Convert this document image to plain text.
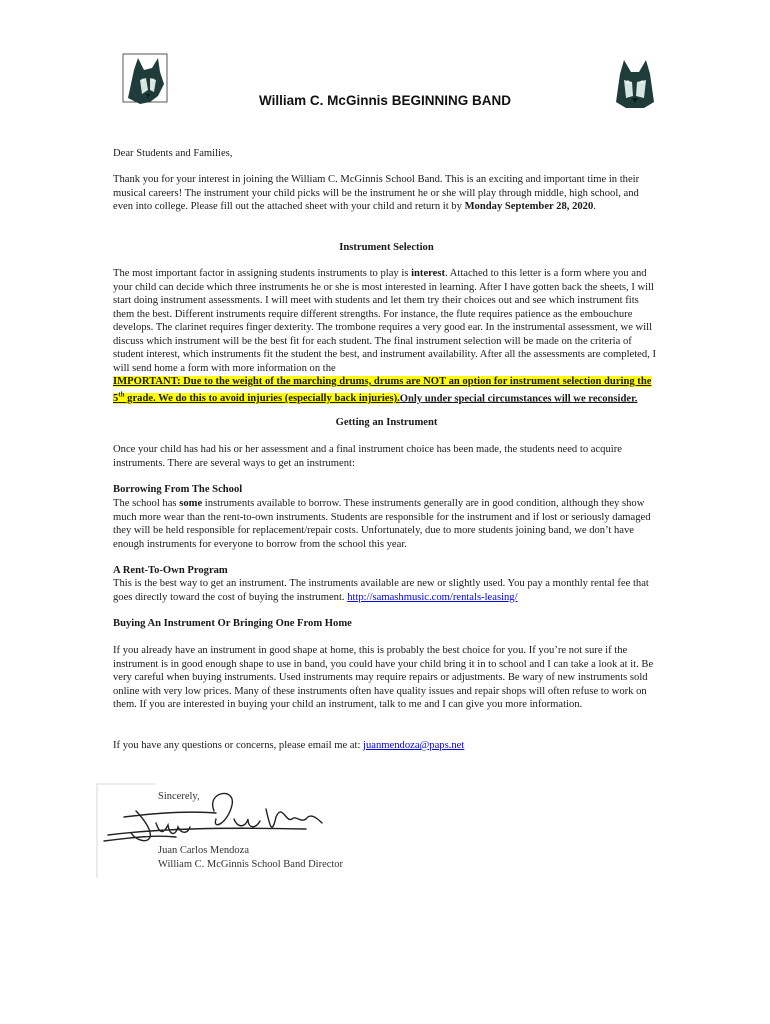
William C. McGinnis BEGINNING BAND
Dear Students and Families,

Thank you for your interest in joining the William C. McGinnis School Band. This is an exciting and important time in their musical careers! The instrument your child picks will be the instrument he or she will play through middle, high school, and even into college. Please fill out the attached sheet with your child and return it by Monday September 28, 2020.

Instrument Selection

The most important factor in assigning students instruments to play is interest. Attached to this letter is a form where you and your child can decide which three instruments he or she is most interested in learning. After I have gotten back the sheets, I will start doing instrument assessments. I will meet with students and let them try their choices out and see which instrument fits them the best. Different instruments require different strengths. For instance, the flute requires patience as the embouchure develops. The clarinet requires finger dexterity. The trombone requires a very good ear. In the instrumental assessment, we will discuss which instrument will be the best fit for each student. The final instrument selection will be made on the criteria of student interest, which instruments fit the student the best, and instrument availability. After all the assessments are completed, I will send home a form with more information on the

IMPORTANT: Due to the weight of the marching drums, drums are NOT an option for instrument selection during the 5th grade. We do this to avoid injuries (especially back injuries).Only under special circumstances will we reconsider.

Getting an Instrument
Once your child has had his or her assessment and a final instrument choice has been made, the students need to acquire instruments. There are several ways to get an instrument:
Borrowing From The School

The school has some instruments available to borrow. These instruments generally are in good condition, although they show much more wear than the rent-to-own instruments. Students are responsible for the instrument and if lost or seriously damaged they will be held responsible for replacement/repair costs. Unfortunately, due to more students joining band, we don’t have enough instruments for everyone to borrow from the school this year.

A Rent-To-Own Program

This is the best way to get an instrument. The instruments available are new or slightly used. You pay a monthly rental fee that goes directly toward the cost of buying the instrument. http://samashmusic.com/rentals-leasing/

Buying An Instrument Or Bringing One From Home
If you already have an instrument in good shape at home, this is probably the best choice for you. If you’re not sure if the instrument is in good enough shape to use in band, you could have your child bring it in to school and I can take a look at it. Be very careful when buying instruments. Used instruments may require repairs or adjustments. Be wary of new instruments sold online with very low prices. Many of these instruments often have quality issues and repair shops will often refuse to work on them. If you are interested in buying your child an instrument, talk to me and I can give you more information.

If you have any questions or concerns, please email me at: juanmendoza@paps.net

Sincerely,
Juan Carlos Mendoza
William C. McGinnis School Band Director
